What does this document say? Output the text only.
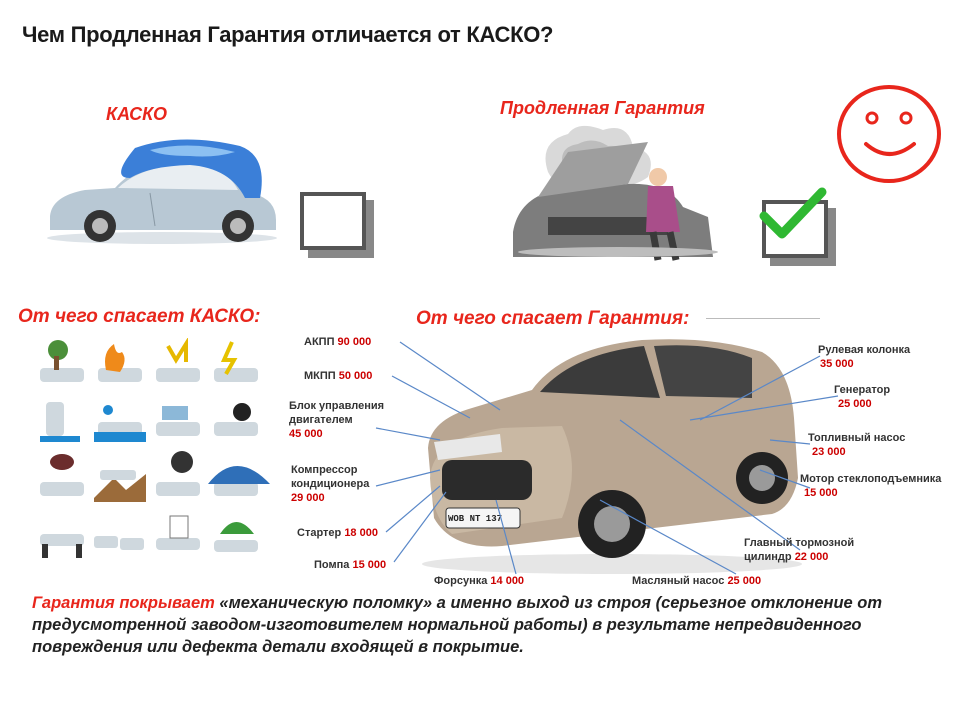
Чем Продленная Гарантия отличается от КАСКО?
КАСКО	Продленная Гарантия
От чего спасает КАСКО:	От чего спасает Гарантия:
WOB NT 137
АКПП 90 000
МКПП 50 000
Блок управления двигателем
45 000
Компрессор кондиционера
29 000
Стартер 18 000
Помпа 15 000
Форсунка 14 000	Масляный насос 25 000
Главный тормозной цилиндр 22 000
Мотор стеклоподъемника
15 000
Топливный насос
23 000
Генератор
25 000
Рулевая колонка
35 000
Гарантия покрывает «механическую поломку» а именно выход из строя (серьезное отклонение от предусмотренной заводом-изготовителем нормальной работы) в результате непредвиденного повреждения или дефекта детали входящей в покрытие.
